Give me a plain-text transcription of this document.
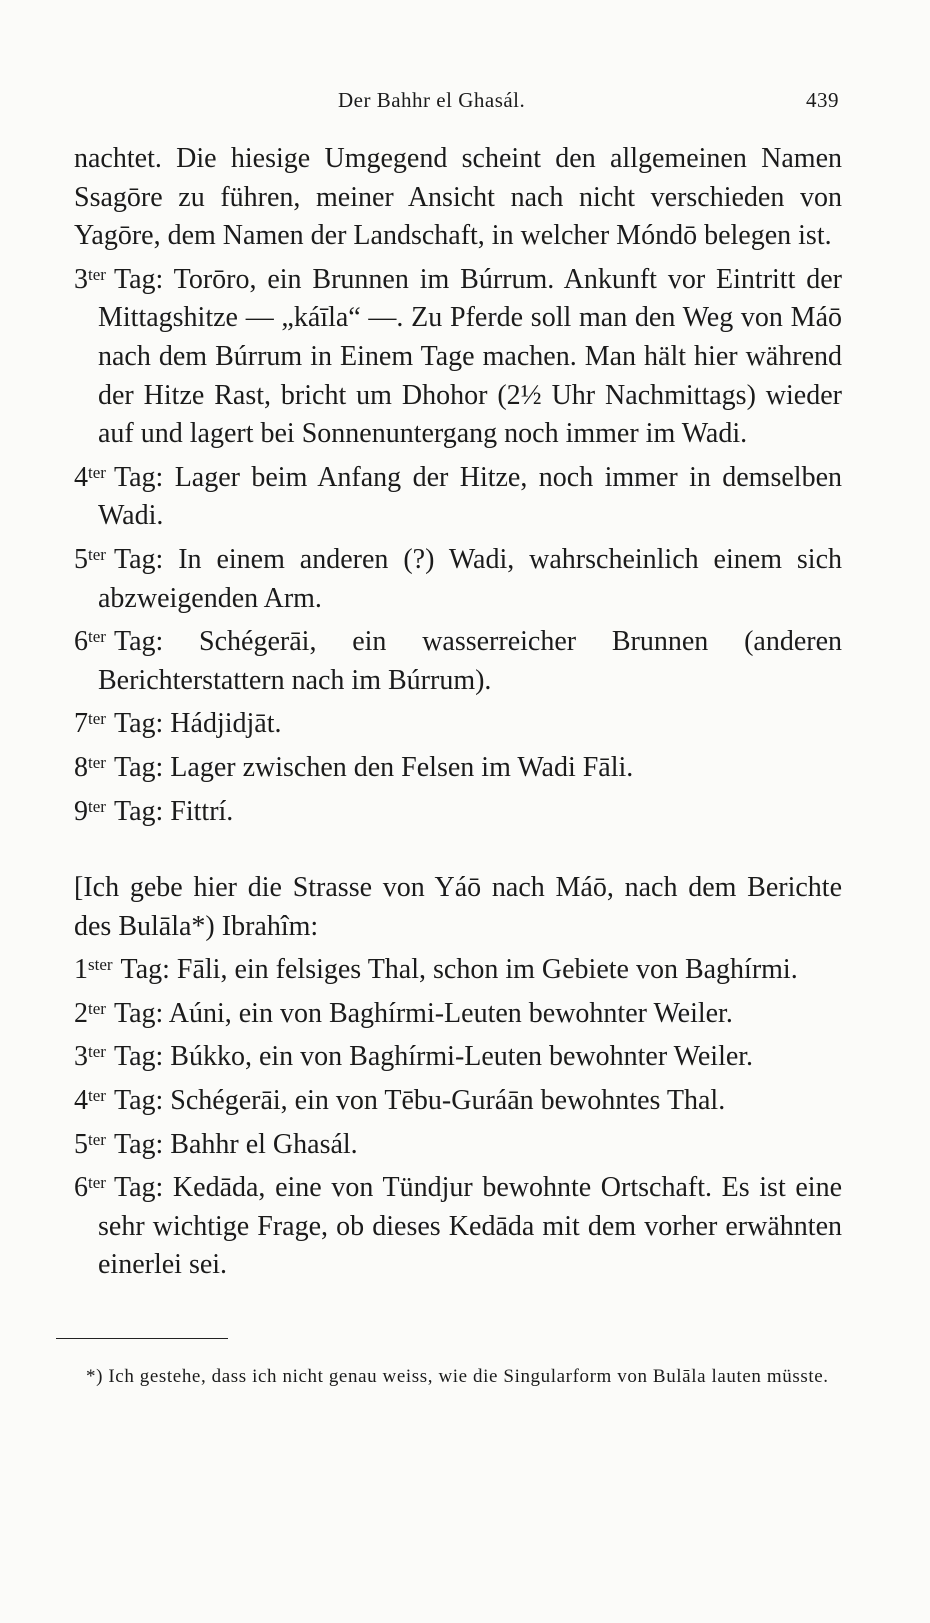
Der Bahhr el Ghasál.	439

nachtet. Die hiesige Umgegend scheint den allgemeinen Namen Ssagōre zu führen, meiner Ansicht nach nicht verschieden von Yagōre, dem Namen der Landschaft, in welcher Móndō belegen ist.

$3^{ter}$ Tag: Torōro, ein Brunnen im Búrrum. Ankunft vor Eintritt der Mittagshitze — „káīla“ —. Zu Pferde soll man den Weg von Máō nach dem Búrrum in Einem Tage machen. Man hält hier während der Hitze Rast, bricht um Dhohor (2½ Uhr Nachmittags) wieder auf und lagert bei Sonnenuntergang noch immer im Wadi.
$4^{ter}$ Tag: Lager beim Anfang der Hitze, noch immer in demselben Wadi.
$5^{ter}$ Tag: In einem anderen (?) Wadi, wahrscheinlich einem sich abzweigenden Arm.
$6^{ter}$ Tag: Schégerāi, ein wasserreicher Brunnen (anderen Berichterstattern nach im Búrrum).
$7^{ter}$ Tag: Hádjidjāt.
$8^{ter}$ Tag: Lager zwischen den Felsen im Wadi Fāli.
$9^{ter}$ Tag: Fittrí.

[Ich gebe hier die Strasse von Yáō nach Máō, nach dem Berichte des Bulāla*) Ibrahîm:

$1^{ster}$ Tag: Fāli, ein felsiges Thal, schon im Gebiete von Baghírmi.
$2^{ter}$ Tag: Aúni, ein von Baghírmi-Leuten bewohnter Weiler.
$3^{ter}$ Tag: Búkko, ein von Baghírmi-Leuten bewohnter Weiler.
$4^{ter}$ Tag: Schégerāi, ein von Tēbu-Guráān bewohntes Thal.
$5^{ter}$ Tag: Bahhr el Ghasál.
$6^{ter}$ Tag: Kedāda, eine von Tündjur bewohnte Ortschaft. Es ist eine sehr wichtige Frage, ob dieses Kedāda mit dem vorher erwähnten einerlei sei.
*) Ich gestehe, dass ich nicht genau weiss, wie die Singularform von Bulāla lauten müsste.
